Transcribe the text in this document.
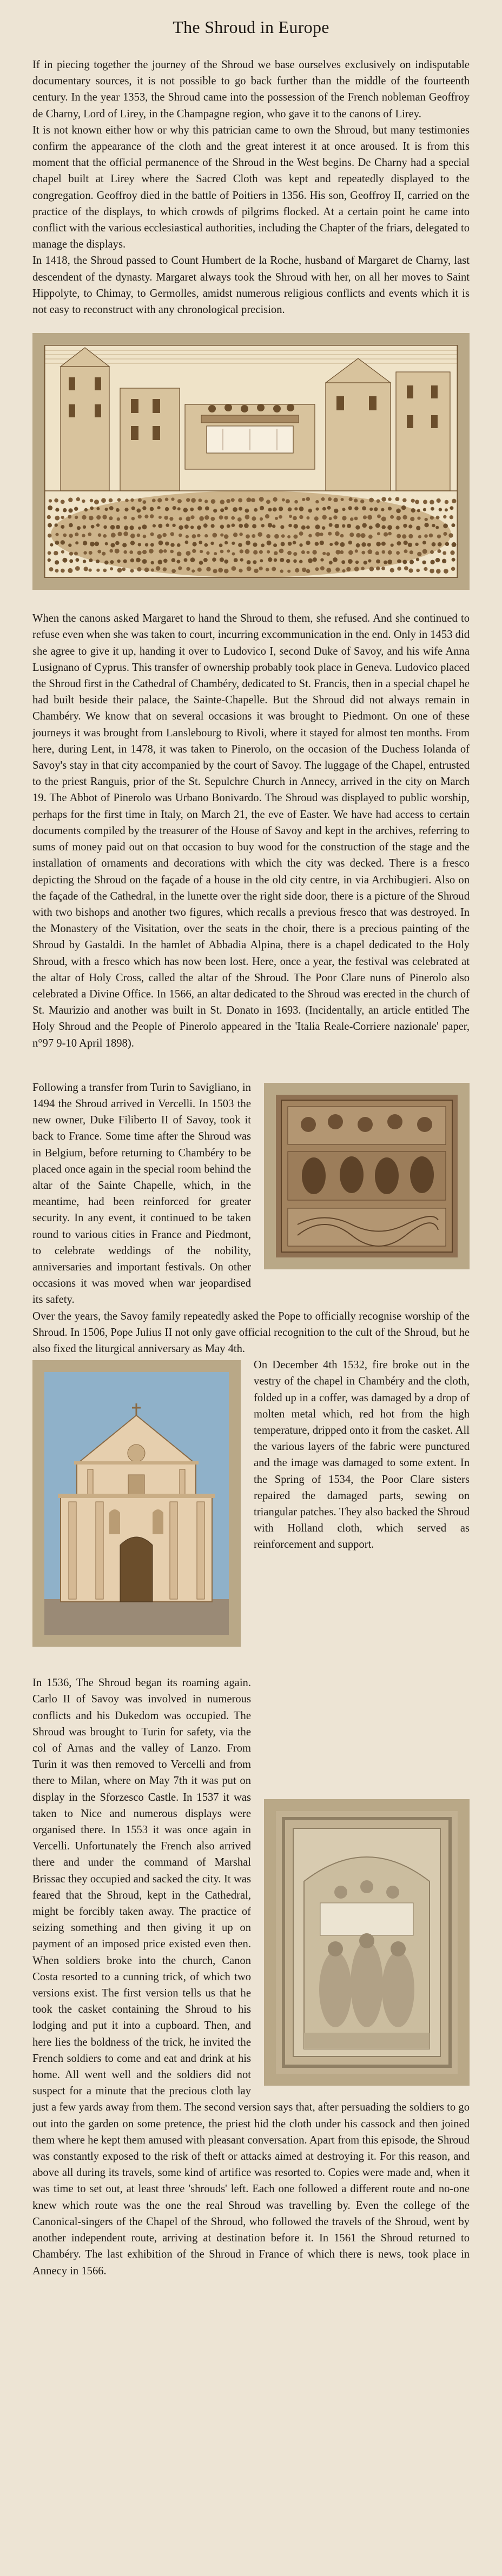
The Shroud in Europe

If in piecing together the journey of the Shroud we base ourselves exclusively on indisputable documentary sources, it is not possible to go back further than the middle of the fourteenth century. In the year 1353, the Shroud came into the possession of the French nobleman Geoffroy de Charny, Lord of Lirey, in the Champagne region, who gave it to the canons of Lirey.

It is not known either how or why this patrician came to own the Shroud, but many testimonies confirm the appearance of the cloth and the great interest it at once aroused. It is from this moment that the official permanence of the Shroud in the West begins. De Charny had a special chapel built at Lirey where the Sacred Cloth was kept and repeatedly displayed to the congregation. Geoffroy died in the battle of Poitiers in 1356. His son, Geoffroy II, carried on the practice of the displays, to which crowds of pilgrims flocked. At a certain point he came into conflict with the various ecclesiastical authorities, including the Chapter of the friars, delegated to manage the displays.

In 1418, the Shroud passed to Count Humbert de la Roche, husband of Margaret de Charny, last descendent of the dynasty. Margaret always took the Shroud with her, on all her moves to Saint Hippolyte, to Chimay, to Germolles, amidst numerous religious conflicts and events which it is not easy to reconstruct with any chronological precision.

When the canons asked Margaret to hand the Shroud to them, she refused. And she continued to refuse even when she was taken to court, incurring excommunication in the end. Only in 1453 did she agree to give it up, handing it over to Ludovico I, second Duke of Savoy, and his wife Anna Lusignano of Cyprus. This transfer of ownership probably took place in Geneva. Ludovico placed the Shroud first in the Cathedral of Chambéry, dedicated to St. Francis, then in a special chapel he had built beside their palace, the Sainte-Chapelle. But the Shroud did not always remain in Chambéry. We know that on several occasions it was brought to Piedmont. On one of these journeys it was brought from Lanslebourg to Rivoli, where it stayed for almost ten months. From here, during Lent, in 1478, it was taken to Pinerolo, on the occasion of the Duchess Iolanda of Savoy's stay in that city accompanied by the court of Savoy. The luggage of the Chapel, entrusted to the priest Ranguis, prior of the St. Sepulchre Church in Annecy, arrived in the city on March 19. The Abbot of Pinerolo was Urbano Bonivardo. The Shroud was displayed to public worship, perhaps for the first time in Italy, on March 21, the eve of Easter. We have had access to certain documents compiled by the treasurer of the House of Savoy and kept in the archives, referring to sums of money paid out on that occasion to buy wood for the construction of the stage and the installation of ornaments and decorations with which the city was decked. There is a fresco depicting the Shroud on the façade of a house in the old city centre, in via Archibugieri. Also on the façade of the Cathedral, in the lunette over the right side door, there is a picture of the Shroud with two bishops and another two figures, which recalls a previous fresco that was destroyed. In the Monastery of the Visitation, over the seats in the choir, there is a precious painting of the Shroud by Gastaldi. In the hamlet of Abbadia Alpina, there is a chapel dedicated to the Holy Shroud, with a fresco which has now been lost. Here, once a year, the festival was celebrated at the altar of Holy Cross, called the altar of the Shroud. The Poor Clare nuns of Pinerolo also celebrated a Divine Office. In 1566, an altar dedicated to the Shroud was erected in the church of St. Maurizio and another was built in St. Donato in 1693. (Incidentally, an article entitled The Holy Shroud and the People of Pinerolo appeared in the 'Italia Reale-Corriere nazionale' paper, n°97 9-10 April 1898).

Following a transfer from Turin to Savigliano, in 1494 the Shroud arrived in Vercelli. In 1503 the new owner, Duke Filiberto II of Savoy, took it back to France. Some time after the Shroud was in Belgium, before returning to Chambéry to be placed once again in the special room behind the altar of the Sainte Chapelle, which, in the meantime, had been reinforced for greater security. In any event, it continued to be taken round to various cities in France and Piedmont, to celebrate weddings of the nobility, anniversaries and important festivals. On other occasions it was moved when war jeopardised its safety.

Over the years, the Savoy family repeatedly asked the Pope to officially recognise worship of the Shroud. In 1506, Pope Julius II not only gave official recognition to the cult of the Shroud, but he also fixed the liturgical anniversary as May 4th.

On December 4th 1532, fire broke out in the vestry of the chapel in Chambéry and the cloth, folded up in a coffer, was damaged by a drop of molten metal which, red hot from the high temperature, dripped onto it from the casket. All the various layers of the fabric were punctured and the image was damaged to some extent. In the Spring of 1534, the Poor Clare sisters repaired the damaged parts, sewing on triangular patches. They also backed the Shroud with Holland cloth, which served as reinforcement and support.

In 1536, The Shroud began its roaming again. Carlo II of Savoy was involved in numerous conflicts and his Dukedom was occupied. The Shroud was brought to Turin for safety, via the col of Arnas and the valley of Lanzo. From Turin it was then removed to Vercelli and from there to Milan, where on May 7th it was put on display in the Sforzesco Castle. In 1537 it was taken to Nice and numerous displays were organised there. In 1553 it was once again in Vercelli. Unfortunately the French also arrived there and under the command of Marshal Brissac they occupied and sacked the city. It was feared that the Shroud, kept in the Cathedral, might be forcibly taken away. The practice of seizing something and then giving it up on payment of an imposed price existed even then. When soldiers broke into the church, Canon Costa resorted to a cunning trick, of which two versions exist. The first version tells us that he took the casket containing the Shroud to his lodging and put it into a cupboard. Then, and here lies the boldness of the trick, he invited the French soldiers to come and eat and drink at his home. All went well and the soldiers did not suspect for a minute that the precious cloth lay just a few yards away from them. The second version says that, after persuading the soldiers to go out into the garden on some pretence, the priest hid the cloth under his cassock and then joined them where he kept them amused with pleasant conversation. Apart from this episode, the Shroud was constantly exposed to the risk of theft or attacks aimed at destroying it. For this reason, and above all during its travels, some kind of artifice was resorted to. Copies were made and, when it was time to set out, at least three 'shrouds' left. Each one followed a different route and no-one knew which route was the one the real Shroud was travelling by. Even the college of the Canonical-singers of the Chapel of the Shroud, who followed the travels of the Shroud, went by another independent route, arriving at destination before it. In 1561 the Shroud returned to Chambéry. The last exhibition of the Shroud in France of which there is news, took place in Annecy in 1566.
